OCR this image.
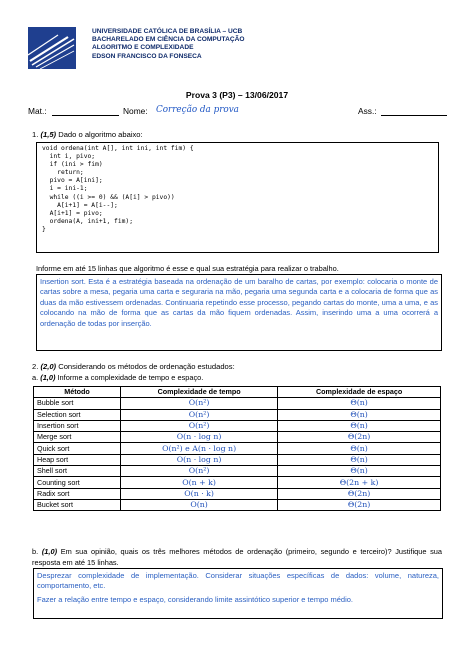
UNIVERSIDADE CATÓLICA DE BRASÍLIA – UCB
BACHARELADO EM CIÊNCIA DA COMPUTAÇÃO
ALGORITMO E COMPLEXIDADE
EDSON FRANCISCO DA FONSECA
Prova 3 (P3) – 13/06/2017
Mat.:	Nome: Correção da prova	Ass.:
1. (1,5) Dado o algoritmo abaixo:
void ordena(int A[], int ini, int fim) {
int i, pivo;
if (ini > fim)
return;
pivo = A[ini];
i = ini-1;
while ((i >= 0) && (A[i] > pivo))
A[i+1] = A[i--];
A[i+1] = pivo;
ordena(A, ini+1, fim);
}
Informe em até 15 linhas que algoritmo é esse e qual sua estratégia para realizar o trabalho.
Insertion sort. Esta é a estratégia baseada na ordenação de um baralho de cartas, por exemplo: colocaria o monte de cartas sobre a mesa, pegaria uma carta e seguraria na mão, pegaria uma segunda carta e a colocaria de forma que as duas da mão estivessem ordenadas. Continuaria repetindo esse processo, pegando cartas do monte, uma a uma, e as colocando na mão de forma que as cartas da mão fiquem ordenadas. Assim, inserindo uma a uma ocorrerá a ordenação de todas por inserção.
2. (2,0) Considerando os métodos de ordenação estudados:
a. (1,0) Informe a complexidade de tempo e espaço.
Método	Complexidade de tempo	Complexidade de espaço
Bubble sort	O(n²)	Θ(n)
Selection sort	O(n²)	Θ(n)
Insertion sort	O(n²)	Θ(n)
Merge sort	O(n · log n)	Θ(2n)
Quick sort	O(n²) e A(n · log n)	Θ(n)
Heap sort	O(n · log n)	Θ(n)
Shell sort	O(n²)	Θ(n)
Counting sort	O(n + k)	Θ(2n + k)
Radix sort	O(n · k)	Θ(2n)
Bucket sort	O(n)	Θ(2n)
b. (1,0) Em sua opinião, quais os três melhores métodos de ordenação (primeiro, segundo e terceiro)? Justifique sua resposta em até 15 linhas.
Desprezar complexidade de implementação. Considerar situações específicas de dados: volume, natureza, comportamento, etc.
Fazer a relação entre tempo e espaço, considerando limite assintótico superior e tempo médio.
